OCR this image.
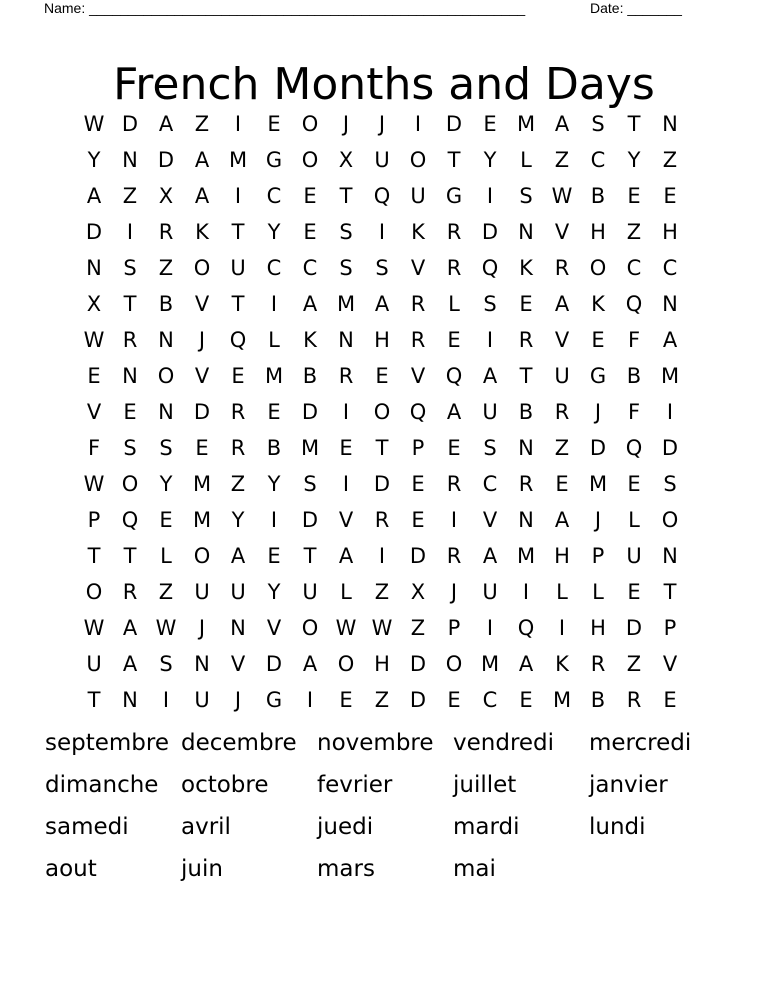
Name: ________________________________________________________	Date: _______
French Months and Days
W D A	Z	I	E	O	J	J	I	D	E M A	S	T	N
Y	N D A M G O X	U O	T	Y	L	Z	C	Y	Z
A	Z	X	A	I	C	E	T	Q U G	I	S W B	E	E
D	I	R	K	T	Y	E	S	I	K	R D N V H Z H
N	S	Z O U C	C	S	S	V	R Q K	R O C	C
X	T	B	V	T	I	A M A	R	L	S	E	A	K Q N
W R N	J	Q	L	K	N H R	E	I	R	V	E	F	A
E	N O V	E M B	R	E	V Q A	T	U G B M
V	E	N D R	E	D	I	O Q A	U	B	R	J	F	I
F	S	S	E	R	B M E	T	P	E	S	N Z D Q D
W O	Y M Z	Y	S	I	D	E	R	C	R	E M E	S
P	Q	E M Y	I	D V	R	E	I	V N A	J	L	O
T	T	L	O A	E	T	A	I	D R	A M H	P	U N
O R	Z	U U	Y	U	L	Z	X	J	U	I	L	L	E	T
W A W	J	N V O W W Z	P	I	Q	I	H D	P
U	A	S	N V D A O H D O M A	K	R	Z	V
T	N	I	U	J	G	I	E	Z D	E	C	E M B	R	E
septembre decembre novembre vendredi	mercredi
dimanche octobre	fevrier	juillet	janvier
samedi	avril	juedi	mardi	lundi
aout	juin	mars	mai
